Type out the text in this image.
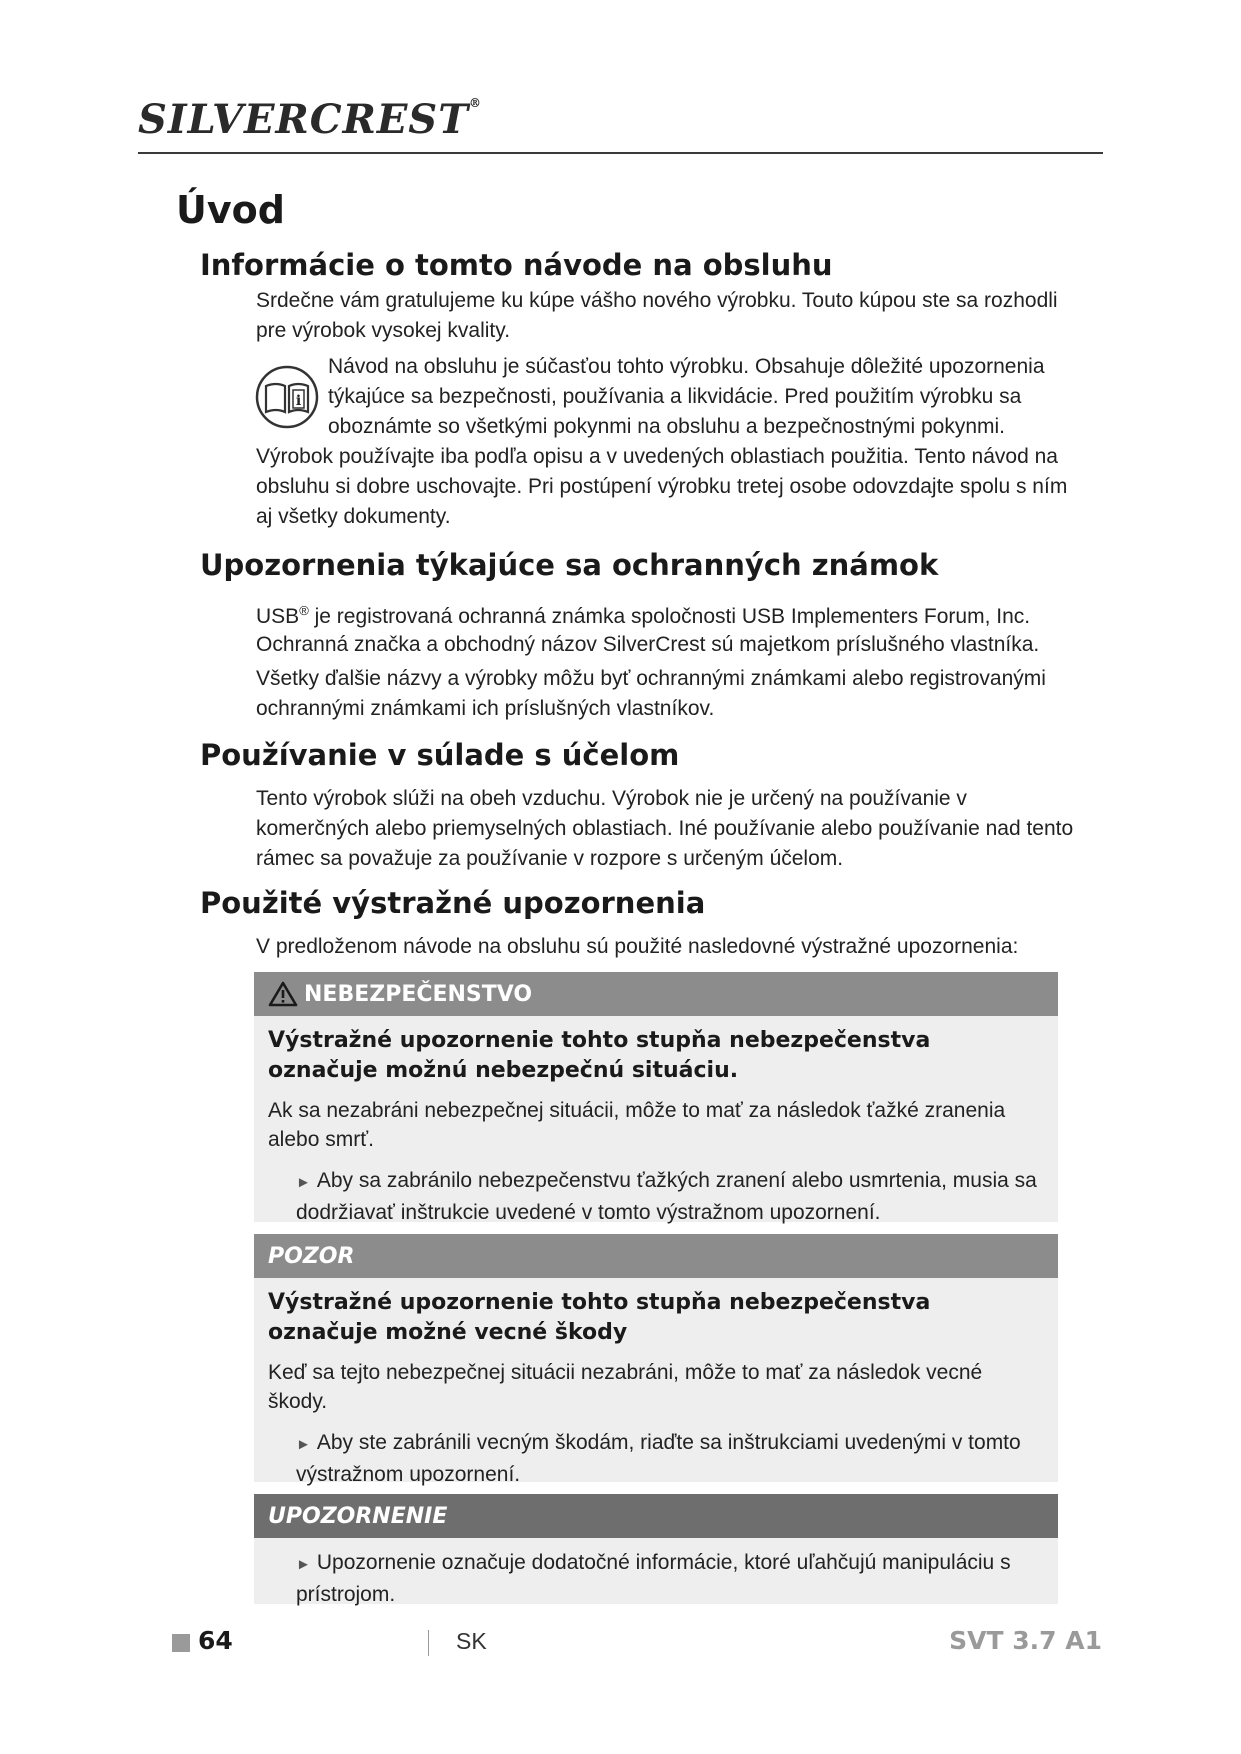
SILVERCREST®
Úvod
Informácie o tomto návode na obsluhu

Srdečne vám gratulujeme ku kúpe vášho nového výrobku. Touto kúpou ste sa rozhodli pre výrobok vysokej kvality.

i

Návod na obsluhu je súčasťou tohto výrobku. Obsahuje dôležité upozornenia týkajúce sa bezpečnosti, používania a likvidácie. Pred použitím výrobku sa oboznámte so všetkými pokynmi na obsluhu a bezpečnostnými pokynmi.

Výrobok používajte iba podľa opisu a v uvedených oblastiach použitia. Tento návod na obsluhu si dobre uschovajte. Pri postúpení výrobku tretej osobe odovzdajte spolu s ním aj všetky dokumenty.

Upozornenia týkajúce sa ochranných známok

USB® je registrovaná ochranná známka spoločnosti USB Implementers Forum, Inc.

Ochranná značka a obchodný názov SilverCrest sú majetkom príslušného vlastníka.

Všetky ďalšie názvy a výrobky môžu byť ochrannými známkami alebo registrovanými ochrannými známkami ich príslušných vlastníkov.

Používanie v súlade s účelom

Tento výrobok slúži na obeh vzduchu. Výrobok nie je určený na používanie v komerčných alebo priemyselných oblastiach. Iné používanie alebo používanie nad tento rámec sa považuje za používanie v rozpore s určeným účelom.

Použité výstražné upozornenia

V predloženom návode na obsluhu sú použité nasledovné výstražné upozornenia:

NEBEZPEČENSTVO

Výstražné upozornenie tohto stupňa nebezpečenstva označuje možnú nebezpečnú situáciu.

Ak sa nezabráni nebezpečnej situácii, môže to mať za následok ťažké zranenia alebo smrť.

► Aby sa zabránilo nebezpečenstvu ťažkých zranení alebo usmrtenia, musia sa dodržiavať inštrukcie uvedené v tomto výstražnom upozornení.

POZOR

Výstražné upozornenie tohto stupňa nebezpečenstva označuje možné vecné škody

Keď sa tejto nebezpečnej situácii nezabráni, môže to mať za následok vecné škody.

► Aby ste zabránili vecným škodám, riaďte sa inštrukciami uvedenými v tomto výstražnom upozornení.

UPOZORNENIE

► Upozornenie označuje dodatočné informácie, ktoré uľahčujú manipuláciu s prístrojom.

64	SK	SVT 3.7 A1
